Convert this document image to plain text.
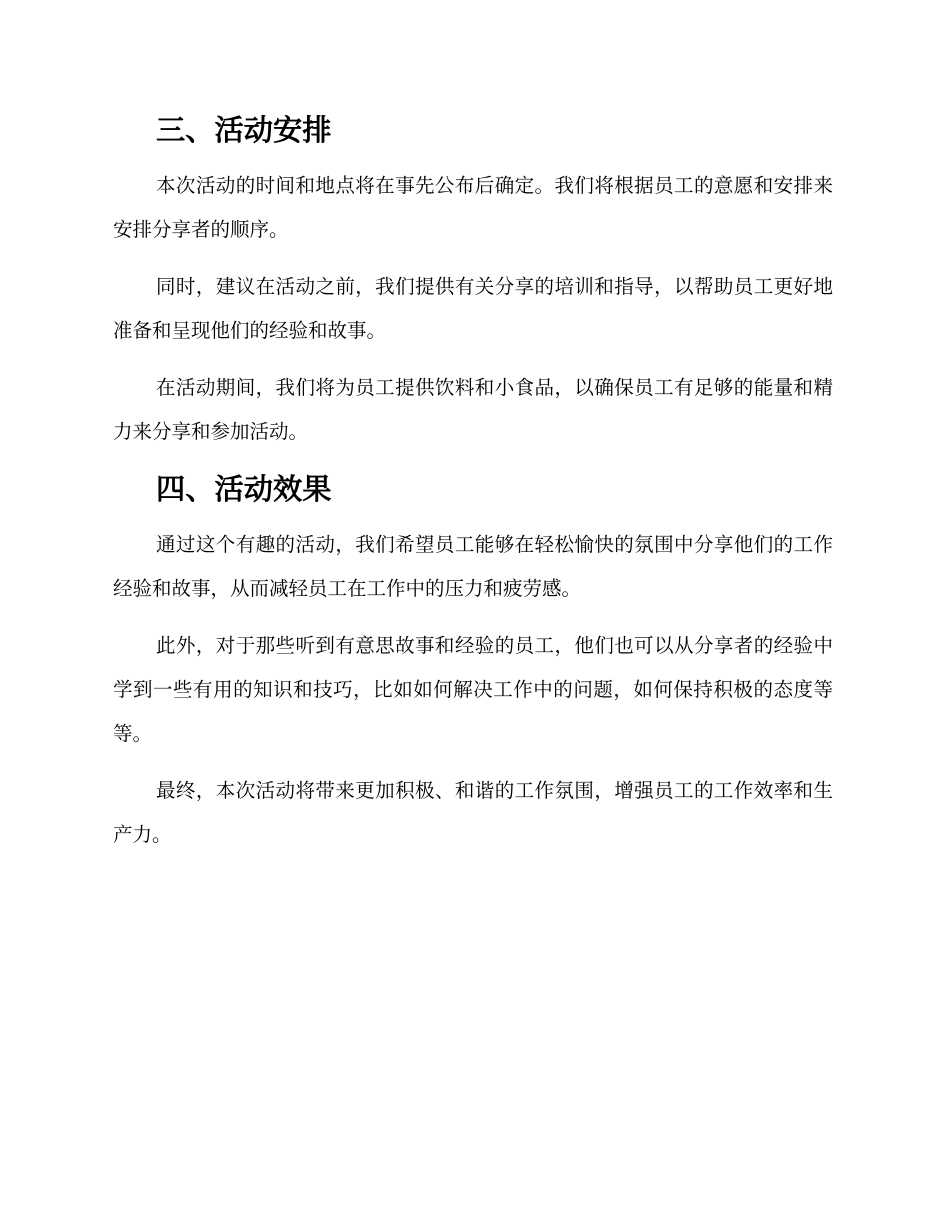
三、活动安排

本次活动的时间和地点将在事先公布后确定。我们将根据员工的意愿和安排来安排分享者的顺序。

同时，建议在活动之前，我们提供有关分享的培训和指导，以帮助员工更好地准备和呈现他们的经验和故事。

在活动期间，我们将为员工提供饮料和小食品，以确保员工有足够的能量和精力来分享和参加活动。

四、活动效果

通过这个有趣的活动，我们希望员工能够在轻松愉快的氛围中分享他们的工作经验和故事，从而减轻员工在工作中的压力和疲劳感。

此外，对于那些听到有意思故事和经验的员工，他们也可以从分享者的经验中学到一些有用的知识和技巧，比如如何解决工作中的问题，如何保持积极的态度等等。

最终，本次活动将带来更加积极、和谐的工作氛围，增强员工的工作效率和生产力。
